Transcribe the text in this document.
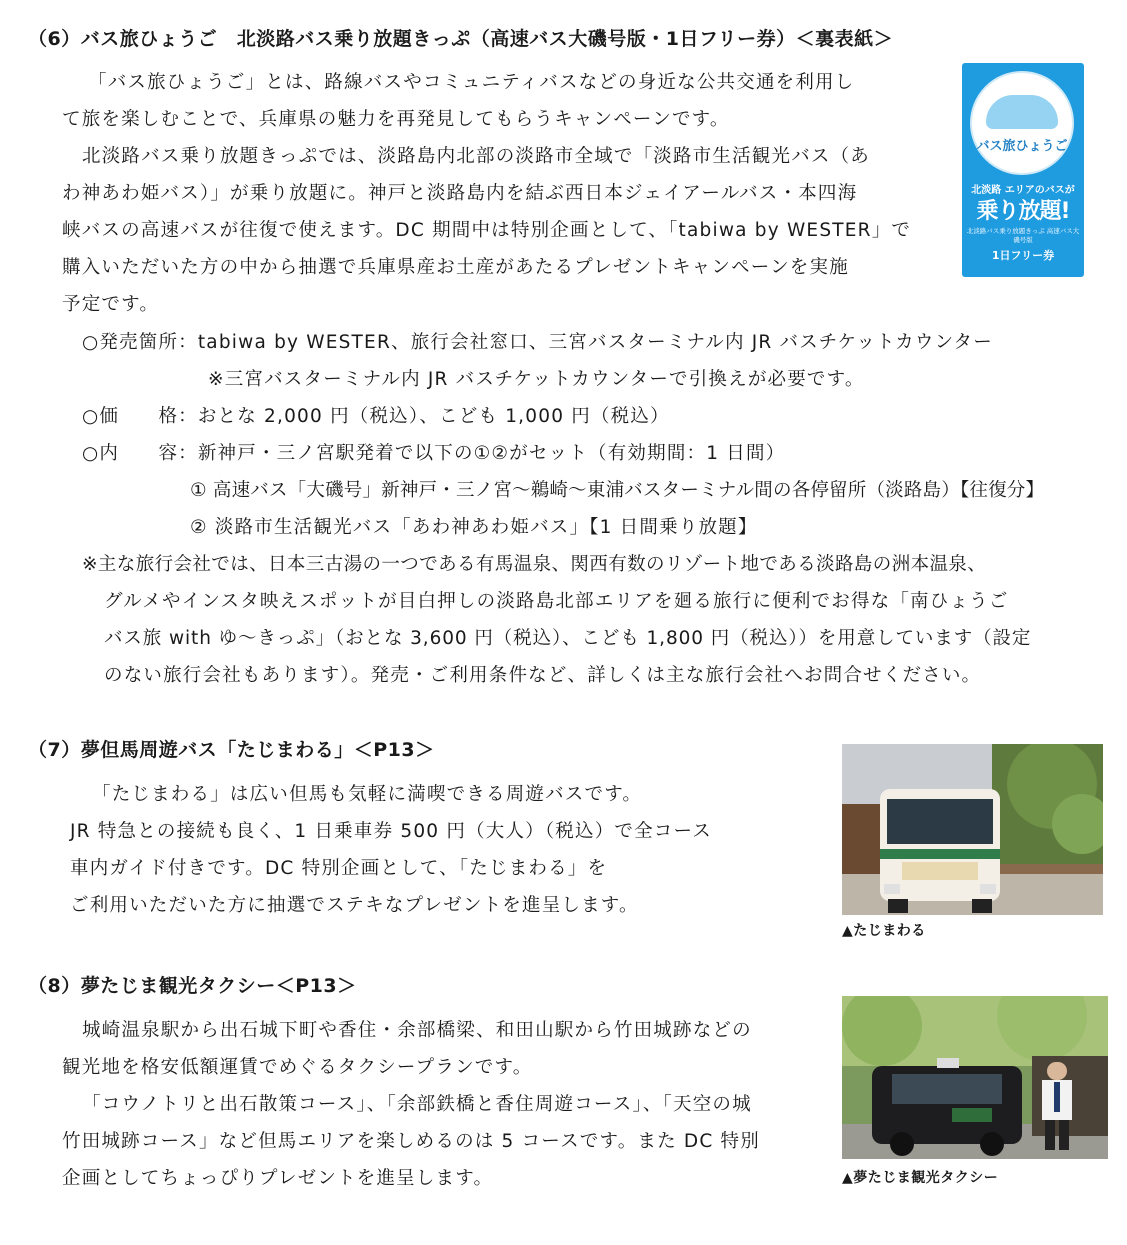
（6）バス旅ひょうご　北淡路バス乗り放題きっぷ（高速バス大磯号版・1日フリー券）＜裏表紙＞
「バス旅ひょうご」とは、路線バスやコミュニティバスなどの身近な公共交通を利用し
て旅を楽しむことで、兵庫県の魅力を再発見してもらうキャンペーンです。
北淡路バス乗り放題きっぷでは、淡路島内北部の淡路市全域で「淡路市生活観光バス（あ
わ神あわ姫バス）」が乗り放題に。神戸と淡路島内を結ぶ西日本ジェイアールバス・本四海
峡バスの高速バスが往復で使えます。DC 期間中は特別企画として、「tabiwa by WESTER」で
購入いただいた方の中から抽選で兵庫県産お土産があたるプレゼントキャンペーンを実施
予定です。
バス旅ひょうご
北淡路 エリアのバスが
乗り放題!
北淡路バス乗り放題きっぷ 高速バス大磯号版
1日フリー券
○発売箇所：tabiwa by WESTER、旅行会社窓口、三宮バスターミナル内 JR バスチケットカウンター
※三宮バスターミナル内 JR バスチケットカウンターで引換えが必要です。
○価　　格：おとな 2,000 円（税込）、こども 1,000 円（税込）
○内　　容：新神戸・三ノ宮駅発着で以下の①②がセット（有効期間：1 日間）
① 高速バス「大磯号」新神戸・三ノ宮～鵜崎～東浦バスターミナル間の各停留所（淡路島）【往復分】
② 淡路市生活観光バス「あわ神あわ姫バス」【1 日間乗り放題】
※主な旅行会社では、日本三古湯の一つである有馬温泉、関西有数のリゾート地である淡路島の洲本温泉、
グルメやインスタ映えスポットが目白押しの淡路島北部エリアを廻る旅行に便利でお得な「南ひょうご
バス旅 with ゆ～きっぷ」（おとな 3,600 円（税込）、こども 1,800 円（税込））を用意しています（設定
のない旅行会社もあります）。発売・ご利用条件など、詳しくは主な旅行会社へお問合せください。
（7）夢但馬周遊バス「たじまわる」＜P13＞
「たじまわる」は広い但馬も気軽に満喫できる周遊バスです。
JR 特急との接続も良く、1 日乗車券 500 円（大人）（税込）で全コース
車内ガイド付きです。DC 特別企画として、「たじまわる」を
ご利用いただいた方に抽選でステキなプレゼントを進呈します。
▲たじまわる
（8）夢たじま観光タクシー＜P13＞
城崎温泉駅から出石城下町や香住・余部橋梁、和田山駅から竹田城跡などの
観光地を格安低額運賃でめぐるタクシープランです。
「コウノトリと出石散策コース」、「余部鉄橋と香住周遊コース」、「天空の城
竹田城跡コース」など但馬エリアを楽しめるのは 5 コースです。また DC 特別
企画としてちょっぴりプレゼントを進呈します。	▲夢たじま観光タクシー
